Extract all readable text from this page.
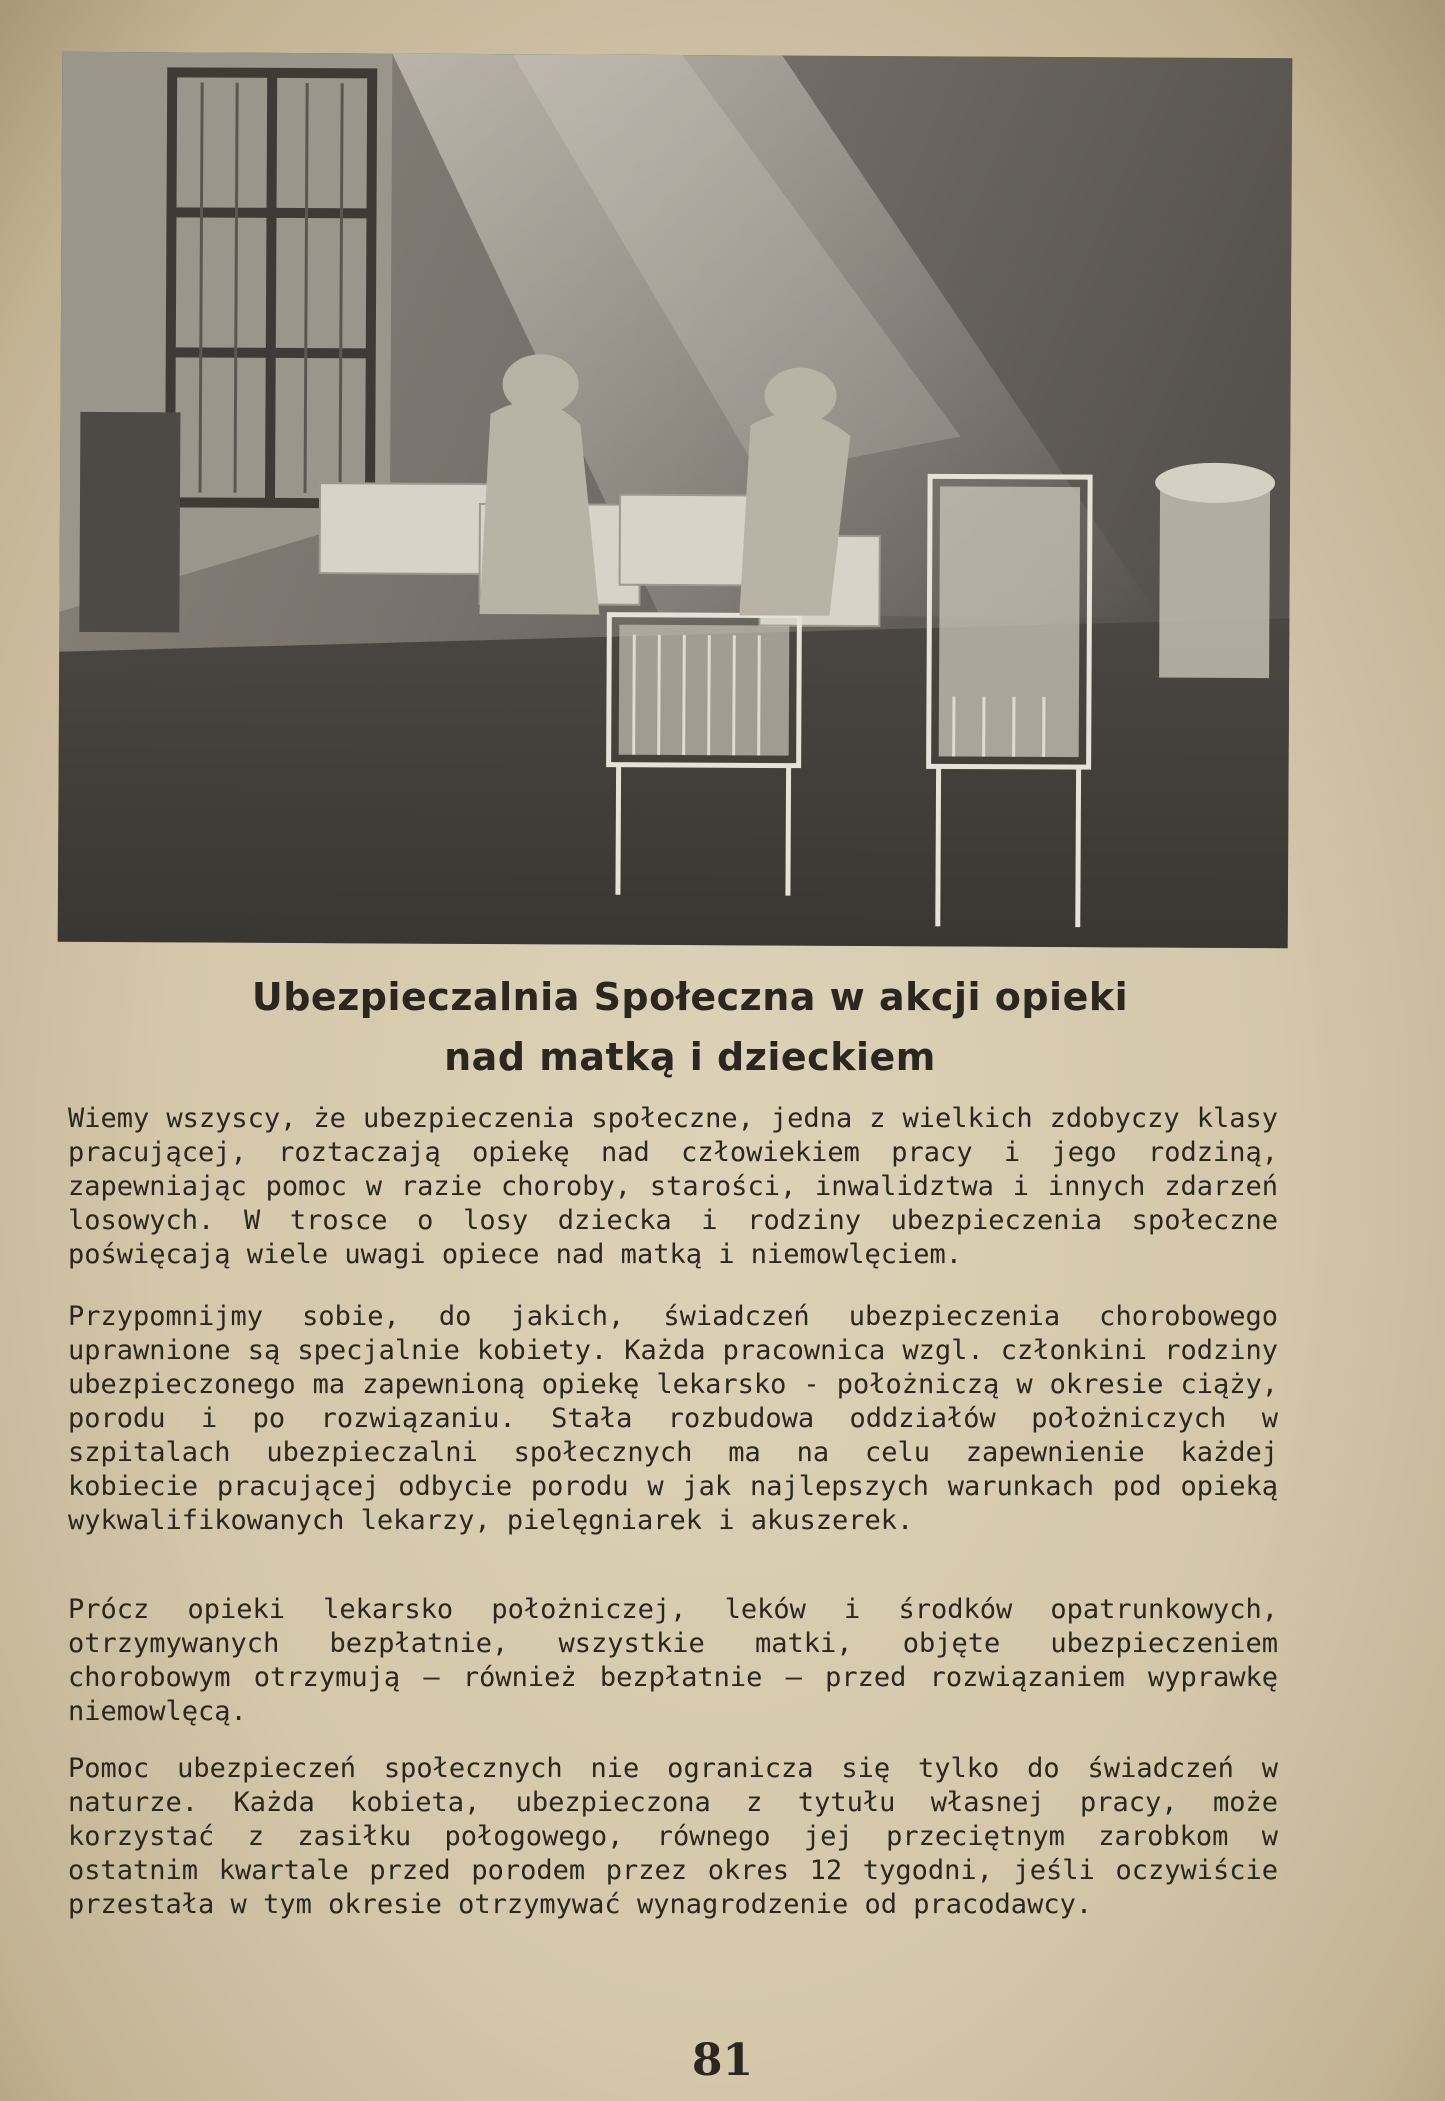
Ubezpieczalnia Społeczna w akcji opieki
nad matką i dzieckiem

Wiemy wszyscy, że ubezpieczenia społeczne, jedna z wielkich zdobyczy klasy pracującej, roztaczają opiekę nad człowiekiem pracy i jego rodziną, zapewniając pomoc w razie choroby, starości, inwalidztwa i innych zdarzeń losowych. W trosce o losy dziecka i rodziny ubezpieczenia społeczne poświęcają wiele uwagi opiece nad matką i niemowlęciem.

Przypomnijmy sobie, do jakich, świadczeń ubezpieczenia chorobowego uprawnione są specjalnie kobiety. Każda pracownica wzgl. członkini rodziny ubezpieczonego ma zapewnioną opiekę lekarsko - położniczą w okresie ciąży, porodu i po rozwiązaniu. Stała rozbudowa oddziałów położniczych w szpitalach ubezpieczalni społecznych ma na celu zapewnienie każdej kobiecie pracującej odbycie porodu w jak najlepszych warunkach pod opieką wykwalifikowanych lekarzy, pielęgniarek i akuszerek.

Prócz opieki lekarsko położniczej, leków i środków opatrunkowych, otrzymywanych bezpłatnie, wszystkie matki, objęte ubezpieczeniem chorobowym otrzymują — również bezpłatnie — przed rozwiązaniem wyprawkę niemowlęcą.

Pomoc ubezpieczeń społecznych nie ogranicza się tylko do świadczeń w naturze. Każda kobieta, ubezpieczona z tytułu własnej pracy, może korzystać z zasiłku połogowego, równego jej przeciętnym zarobkom w ostatnim kwartale przed porodem przez okres 12 tygodni, jeśli oczywiście przestała w tym okresie otrzymywać wynagrodzenie od pracodawcy.

81
